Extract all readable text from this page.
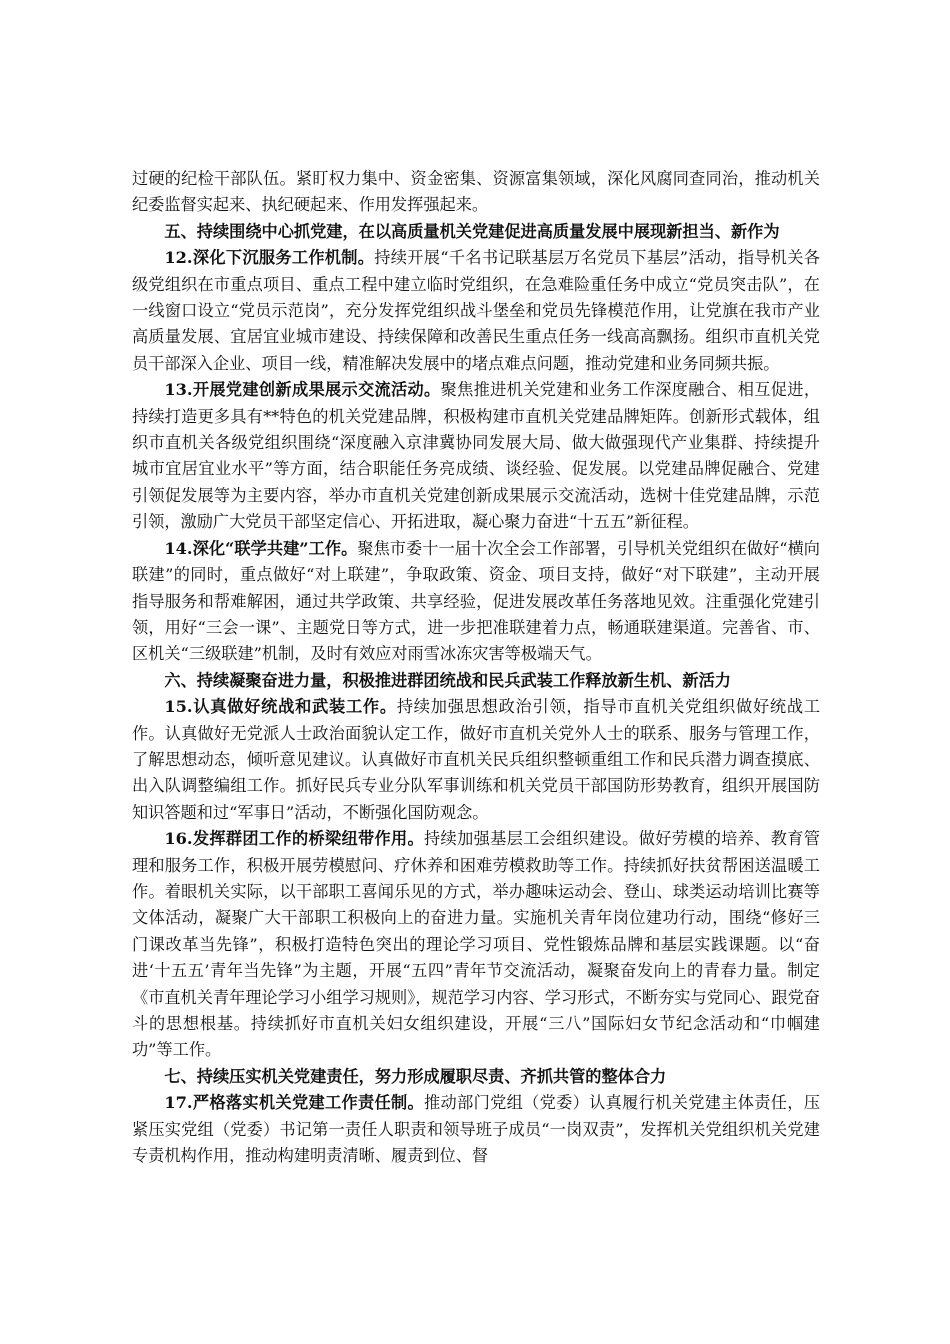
过硬的纪检干部队伍。紧盯权力集中、资金密集、资源富集领域，深化风腐同查同治，推动机关纪委监督实起来、执纪硬起来、作用发挥强起来。

五、持续围绕中心抓党建，在以高质量机关党建促进高质量发展中展现新担当、新作为

12.深化下沉服务工作机制。持续开展“千名书记联基层万名党员下基层”活动，指导机关各级党组织在市重点项目、重点工程中建立临时党组织，在急难险重任务中成立“党员突击队”，在一线窗口设立“党员示范岗”，充分发挥党组织战斗堡垒和党员先锋模范作用，让党旗在我市产业高质量发展、宜居宜业城市建设、持续保障和改善民生重点任务一线高高飘扬。组织市直机关党员干部深入企业、项目一线，精准解决发展中的堵点难点问题，推动党建和业务同频共振。

13.开展党建创新成果展示交流活动。聚焦推进机关党建和业务工作深度融合、相互促进，持续打造更多具有**特色的机关党建品牌，积极构建市直机关党建品牌矩阵。创新形式载体，组织市直机关各级党组织围绕“深度融入京津冀协同发展大局、做大做强现代产业集群、持续提升城市宜居宜业水平”等方面，结合职能任务亮成绩、谈经验、促发展。以党建品牌促融合、党建引领促发展等为主要内容，举办市直机关党建创新成果展示交流活动，选树十佳党建品牌，示范引领，激励广大党员干部坚定信心、开拓进取，凝心聚力奋进“十五五”新征程。

14.深化“联学共建”工作。聚焦市委十一届十次全会工作部署，引导机关党组织在做好“横向联建”的同时，重点做好“对上联建”，争取政策、资金、项目支持，做好“对下联建”，主动开展指导服务和帮难解困，通过共学政策、共享经验，促进发展改革任务落地见效。注重强化党建引领，用好“三会一课”、主题党日等方式，进一步把准联建着力点，畅通联建渠道。完善省、市、区机关“三级联建”机制，及时有效应对雨雪冰冻灾害等极端天气。

六、持续凝聚奋进力量，积极推进群团统战和民兵武装工作释放新生机、新活力

15.认真做好统战和武装工作。持续加强思想政治引领，指导市直机关党组织做好统战工作。认真做好无党派人士政治面貌认定工作，做好市直机关党外人士的联系、服务与管理工作，了解思想动态，倾听意见建议。认真做好市直机关民兵组织整顿重组工作和民兵潜力调查摸底、出入队调整编组工作。抓好民兵专业分队军事训练和机关党员干部国防形势教育，组织开展国防知识答题和过“军事日”活动，不断强化国防观念。

16.发挥群团工作的桥梁纽带作用。持续加强基层工会组织建设。做好劳模的培养、教育管理和服务工作，积极开展劳模慰问、疗休养和困难劳模救助等工作。持续抓好扶贫帮困送温暖工作。着眼机关实际，以干部职工喜闻乐见的方式，举办趣味运动会、登山、球类运动培训比赛等文体活动，凝聚广大干部职工积极向上的奋进力量。实施机关青年岗位建功行动，围绕“修好三门课改革当先锋”，积极打造特色突出的理论学习项目、党性锻炼品牌和基层实践课题。以“奋进‘十五五’青年当先锋”为主题，开展“五四”青年节交流活动，凝聚奋发向上的青春力量。制定《市直机关青年理论学习小组学习规则》，规范学习内容、学习形式，不断夯实与党同心、跟党奋斗的思想根基。持续抓好市直机关妇女组织建设，开展“三八”国际妇女节纪念活动和“巾帼建功”等工作。

七、持续压实机关党建责任，努力形成履职尽责、齐抓共管的整体合力

17.严格落实机关党建工作责任制。推动部门党组（党委）认真履行机关党建主体责任，压紧压实党组（党委）书记第一责任人职责和领导班子成员“一岗双责”，发挥机关党组织机关党建专责机构作用，推动构建明责清晰、履责到位、督
